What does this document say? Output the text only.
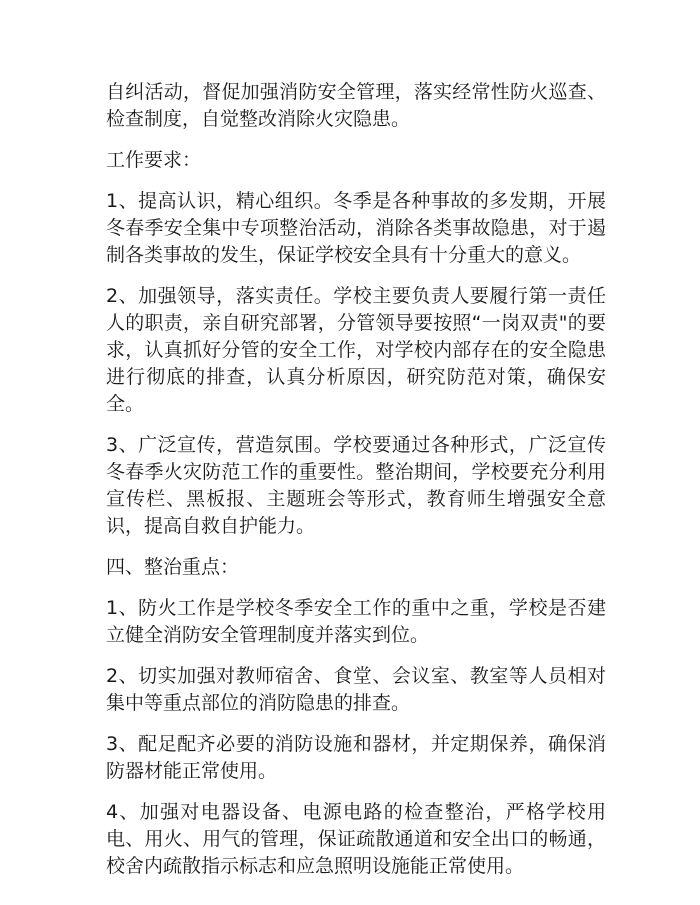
自纠活动，督促加强消防安全管理，落实经常性防火巡查、检查制度，自觉整改消除火灾隐患。

工作要求：

1、提高认识，精心组织。冬季是各种事故的多发期，开展冬春季安全集中专项整治活动，消除各类事故隐患，对于遏制各类事故的发生，保证学校安全具有十分重大的意义。

2、加强领导，落实责任。学校主要负责人要履行第一责任人的职责，亲自研究部署，分管领导要按照“一岗双责"的要求，认真抓好分管的安全工作，对学校内部存在的安全隐患进行彻底的排查，认真分析原因，研究防范对策，确保安全。

3、广泛宣传，营造氛围。学校要通过各种形式，广泛宣传冬春季火灾防范工作的重要性。整治期间，学校要充分利用宣传栏、黑板报、主题班会等形式，教育师生增强安全意识，提高自救自护能力。

四、整治重点：

1、防火工作是学校冬季安全工作的重中之重，学校是否建立健全消防安全管理制度并落实到位。

2、切实加强对教师宿舍、食堂、会议室、教室等人员相对集中等重点部位的消防隐患的排查。

3、配足配齐必要的消防设施和器材，并定期保养，确保消防器材能正常使用。

4、加强对电器设备、电源电路的检查整治，严格学校用电、用火、用气的管理，保证疏散通道和安全出口的畅通，校舍内疏散指示标志和应急照明设施能正常使用。
